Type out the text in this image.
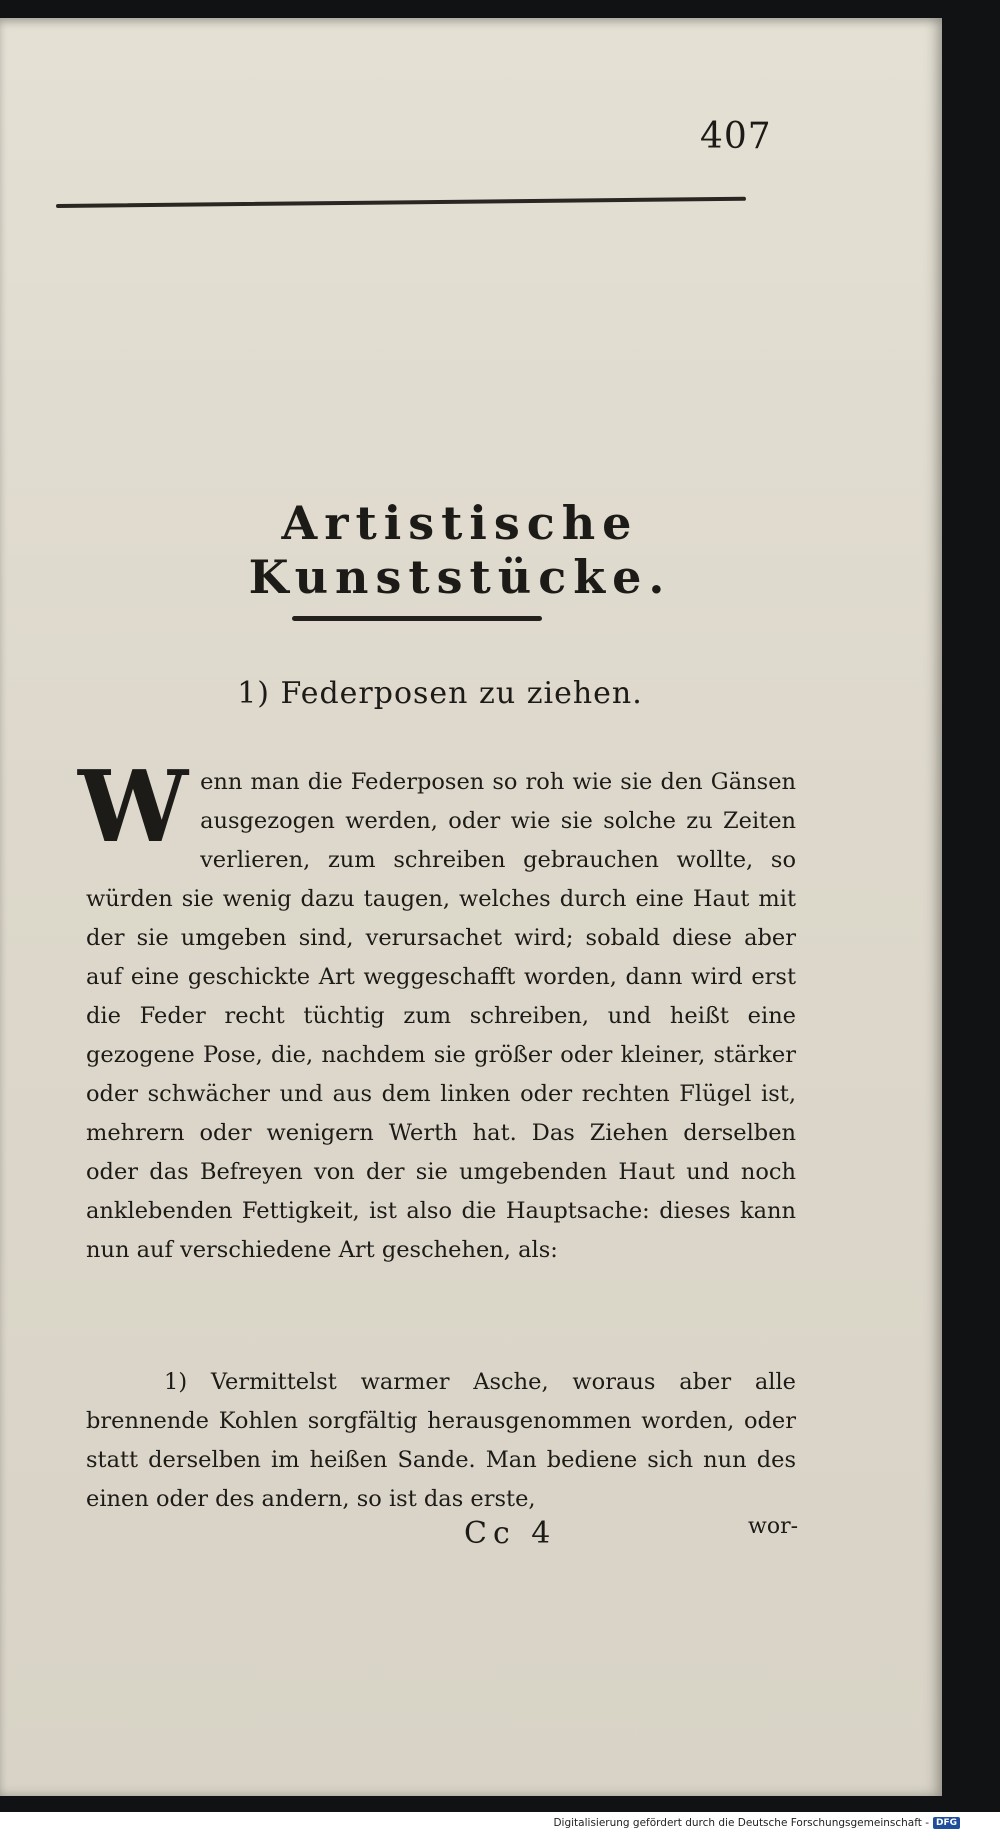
407
Artistische Kunststücke.
1) Federposen zu ziehen.

Wenn man die Federposen so roh wie sie den Gänsen ausgezogen werden, oder wie sie solche zu Zeiten verlieren, zum schreiben gebrauchen wollte, so würden sie wenig dazu taugen, welches durch eine Haut mit der sie umgeben sind, verursachet wird; sobald diese aber auf eine geschickte Art weggeschafft worden, dann wird erst die Feder recht tüchtig zum schreiben, und heißt eine gezogene Pose, die, nachdem sie größer oder kleiner, stärker oder schwächer und aus dem linken oder rechten Flügel ist, mehrern oder wenigern Werth hat. Das Ziehen derselben oder das Befreyen von der sie umgebenden Haut und noch anklebenden Fettigkeit, ist also die Hauptsache: dieses kann nun auf verschiedene Art geschehen, als:

1) Vermittelst warmer Asche, woraus aber alle brennende Kohlen sorgfältig herausgenommen worden, oder statt derselben im heißen Sande. Man bediene sich nun des einen oder des andern, so ist das erste,

Cc 4	wor-
Digitalisierung gefördert durch die Deutsche Forschungsgemeinschaft - DFG
